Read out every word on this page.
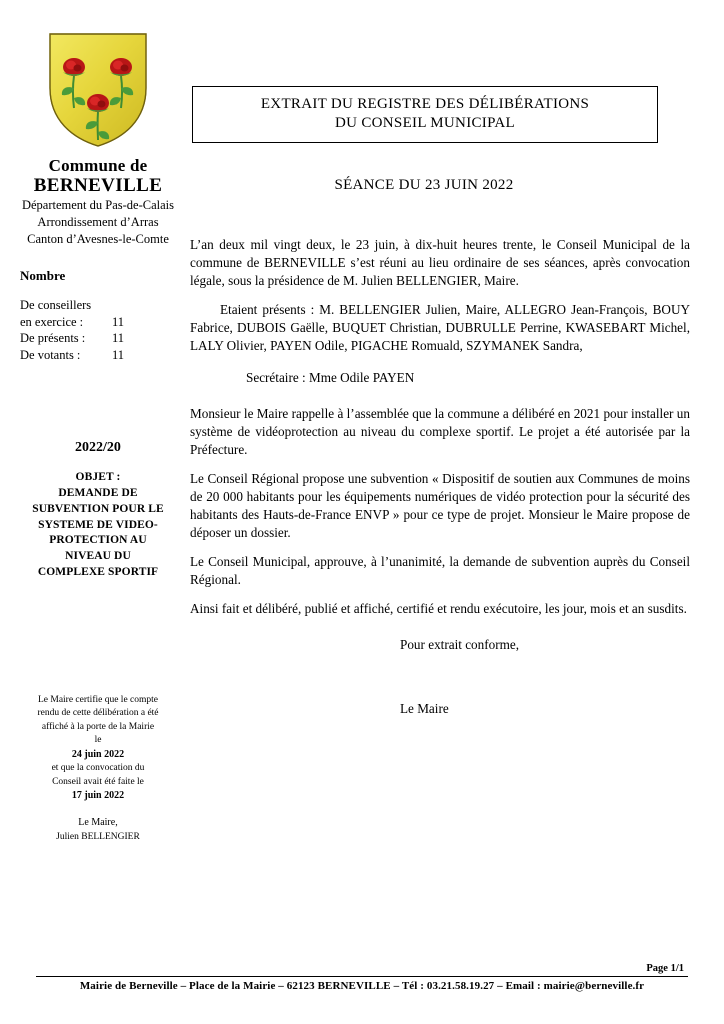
Commune de
BERNEVILLE
Département du Pas-de-Calais
Arrondissement d’Arras
Canton d’Avesnes-le-Comte
Nombre
De conseillers
en exercice :	11
De présents :	11
De votants :	11
2022/20
OBJET :
DEMANDE DE
SUBVENTION POUR LE
SYSTEME DE VIDEO-
PROTECTION AU
NIVEAU DU
COMPLEXE SPORTIF
Le Maire certifie que le compte
rendu de cette délibération a été
affiché à la porte de la Mairie
le
24 juin 2022
et que la convocation du
Conseil avait été faite le
17 juin 2022
Le Maire,
Julien BELLENGIER
EXTRAIT DU REGISTRE DES DÉLIBÉRATIONS
DU CONSEIL MUNICIPAL
SÉANCE DU 23 JUIN 2022

L’an deux mil vingt deux, le 23 juin, à dix-huit heures trente, le Conseil Municipal de la commune de BERNEVILLE s’est réuni au lieu ordinaire de ses séances, après convocation légale, sous la présidence de M. Julien BELLENGIER, Maire.

Etaient présents : M. BELLENGIER Julien, Maire, ALLEGRO Jean-François, BOUY Fabrice, DUBOIS Gaëlle, BUQUET Christian, DUBRULLE Perrine, KWASEBART Michel, LALY Olivier, PAYEN Odile, PIGACHE Romuald, SZYMANEK Sandra,

Secrétaire : Mme Odile PAYEN

Monsieur le Maire rappelle à l’assemblée que la commune a délibéré en 2021 pour installer un système de vidéoprotection au niveau du complexe sportif. Le projet a été autorisée par la Préfecture.

Le Conseil Régional propose une subvention « Dispositif de soutien aux Communes de moins de 20 000 habitants pour les équipements numériques de vidéo protection pour la sécurité des habitants des Hauts-de-France ENVP » pour ce type de projet. Monsieur le Maire propose de déposer un dossier.

Le Conseil Municipal, approuve, à l’unanimité, la demande de subvention auprès du Conseil Régional.

Ainsi fait et délibéré, publié et affiché, certifié et rendu exécutoire, les jour, mois et an susdits.

Pour extrait conforme,
Le Maire
Page 1/1
Mairie de Berneville – Place de la Mairie – 62123 BERNEVILLE – Tél : 03.21.58.19.27 – Email : mairie@berneville.fr
